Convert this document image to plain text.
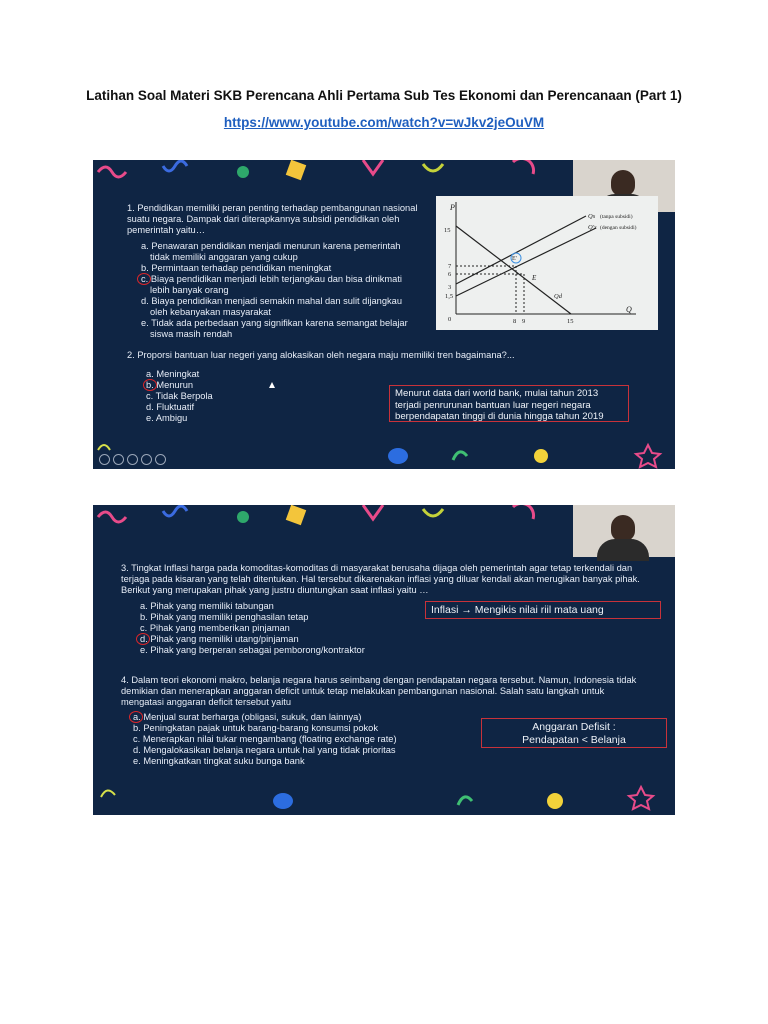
Latihan Soal Materi SKB Perencana Ahli Pertama Sub Tes Ekonomi dan Perencanaan (Part 1)
https://www.youtube.com/watch?v=wJkv2jeOuVM

1. Pendidikan memiliki peran penting terhadap pembangunan nasional suatu negara. Dampak dari diterapkannya subsidi pendidikan oleh pemerintah yaitu…

a. Penawaran pendidikan menjadi menurun karena pemerintah
tidak memiliki anggaran yang cukup
b. Permintaan terhadap pendidikan meningkat
c. Biaya pendidikan menjadi lebih terjangkau dan bisa dinikmati
lebih banyak orang
d. Biaya pendidikan menjadi semakin mahal dan sulit dijangkau
oleh kebanyakan masyarakat
e. Tidak ada perbedaan yang signifikan karena semangat belajar
siswa masih rendah
P
Q
15
7
6
3
1,5
0	8 9	15
E'
E
Qs (tanpa subsidi)
Q's (dengan subsidi)
Qd

2. Proporsi bantuan luar negeri yang alokasikan oleh negara maju memiliki tren bagaimana?...

a. Meningkat
b. Menurun
c. Tidak Berpola
d. Fluktuatif
e. Ambigu
Menurut data dari world bank, mulai tahun 2013 terjadi penrurunan bantuan luar negeri negara berpendapatan tinggi di dunia hingga tahun 2019

3. Tingkat Inflasi harga pada komoditas-komoditas di masyarakat berusaha dijaga oleh pemerintah agar tetap terkendali dan terjaga pada kisaran yang telah ditentukan. Hal tersebut dikarenakan inflasi yang diluar kendali akan merugikan banyak pihak. Berikut yang merupakan pihak yang justru diuntungkan saat inflasi yaitu …

a. Pihak yang memiliki tabungan
b. Pihak yang memiliki penghasilan tetap
c. Pihak yang memberikan pinjaman
d. Pihak yang memiliki utang/pinjaman
e. Pihak yang berperan sebagai pemborong/kontraktor
Inflasi → Mengikis nilai riil mata uang

4. Dalam teori ekonomi makro, belanja negara harus seimbang dengan pendapatan negara tersebut. Namun, Indonesia tidak demikian dan menerapkan anggaran deficit untuk tetap melakukan pembangunan nasional. Salah satu langkah untuk mengatasi anggaran deficit tersebut yaitu

a. Menjual surat berharga (obligasi, sukuk, dan lainnya)
b. Peningkatan pajak untuk barang-barang konsumsi pokok
c. Menerapkan nilai tukar mengambang (floating exchange rate)
d. Mengalokasikan belanja negara untuk hal yang tidak prioritas
e. Meningkatkan tingkat suku bunga bank
Anggaran Defisit :
Pendapatan < Belanja
